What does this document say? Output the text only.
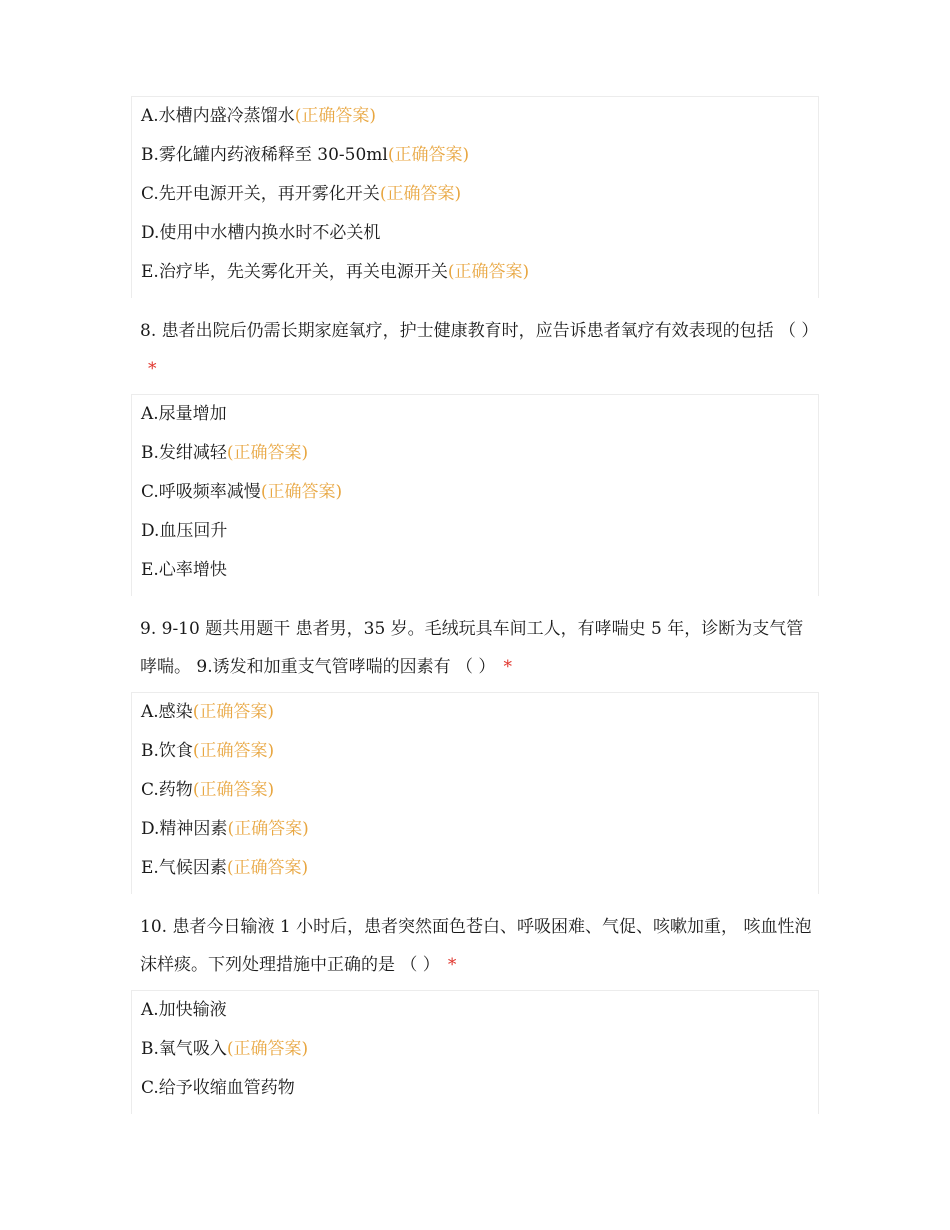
A.水槽内盛冷蒸馏水(正确答案)
B.雾化罐内药液稀释至 30-50ml(正确答案)
C.先开电源开关，再开雾化开关(正确答案)
D.使用中水槽内换水时不必关机
E.治疗毕，先关雾化开关，再关电源开关(正确答案)
8. 患者出院后仍需长期家庭氧疗，护士健康教育时，应告诉患者氧疗有效表现的包括 （ ）*
A.尿量增加
B.发绀减轻(正确答案)
C.呼吸频率减慢(正确答案)
D.血压回升
E.心率增快
9. 9-10 题共用题干 患者男，35 岁。毛绒玩具车间工人，有哮喘史 5 年，诊断为支气管哮喘。 9.诱发和加重支气管哮喘的因素有 （ ） *
A.感染(正确答案)
B.饮食(正确答案)
C.药物(正确答案)
D.精神因素(正确答案)
E.气候因素(正确答案)
10. 患者今日输液 1 小时后，患者突然面色苍白、呼吸困难、气促、咳嗽加重， 咳血性泡沫样痰。下列处理措施中正确的是 （ ） *
A.加快输液
B.氧气吸入(正确答案)
C.给予收缩血管药物
